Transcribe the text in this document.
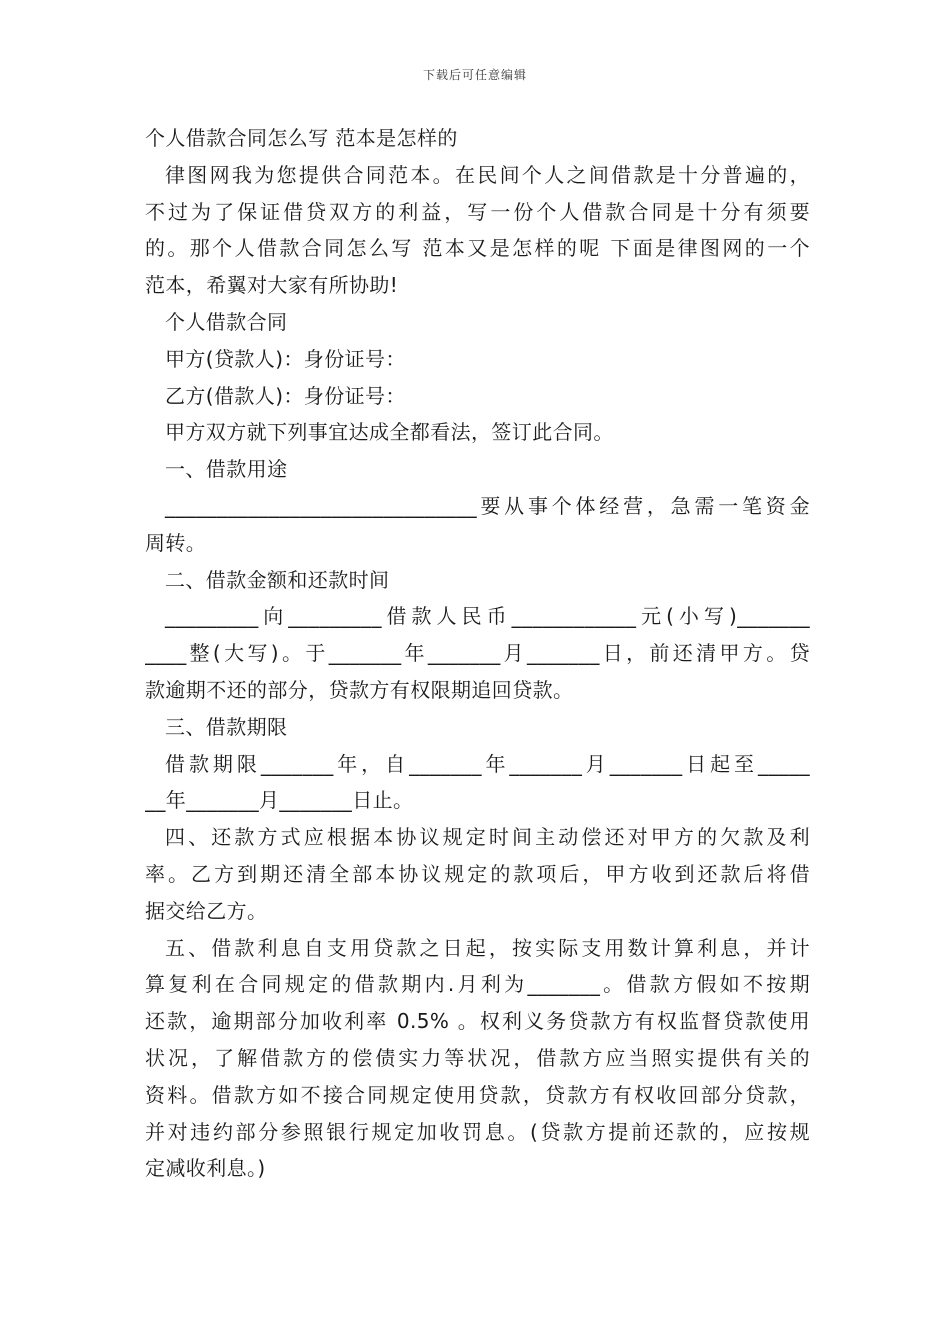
下载后可任意编辑
个人借款合同怎么写 范本是怎样的
律图网我为您提供合同范本。在民间个人之间借款是十分普遍的，
不过为了保证借贷双方的利益，写一份个人借款合同是十分有须要
的。那个人借款合同怎么写 范本又是怎样的呢 下面是律图网的一个
范本，希翼对大家有所协助!
个人借款合同
甲方(贷款人)：身份证号：
乙方(借款人)：身份证号：
甲方双方就下列事宜达成全都看法，签订此合同。
一、借款用途
______________________________要从事个体经营，急需一笔资金
周转。
二、借款金额和还款时间
_________向_________借款人民币____________元(小写)_______
____整(大写)。于_______年_______月_______日，前还清甲方。贷
款逾期不还的部分，贷款方有权限期追回贷款。
三、借款期限
借款期限_______年，自_______年_______月_______日起至_____
__年_______月_______日止。
四、还款方式应根据本协议规定时间主动偿还对甲方的欠款及利
率。乙方到期还清全部本协议规定的款项后，甲方收到还款后将借
据交给乙方。
五、借款利息自支用贷款之日起，按实际支用数计算利息，并计
算复利在合同规定的借款期内.月利为_______。借款方假如不按期
还款，逾期部分加收利率 0.5% 。权利义务贷款方有权监督贷款使用
状况，了解借款方的偿债实力等状况，借款方应当照实提供有关的
资料。借款方如不接合同规定使用贷款，贷款方有权收回部分贷款，
并对违约部分参照银行规定加收罚息。(贷款方提前还款的，应按规
定减收利息。)
